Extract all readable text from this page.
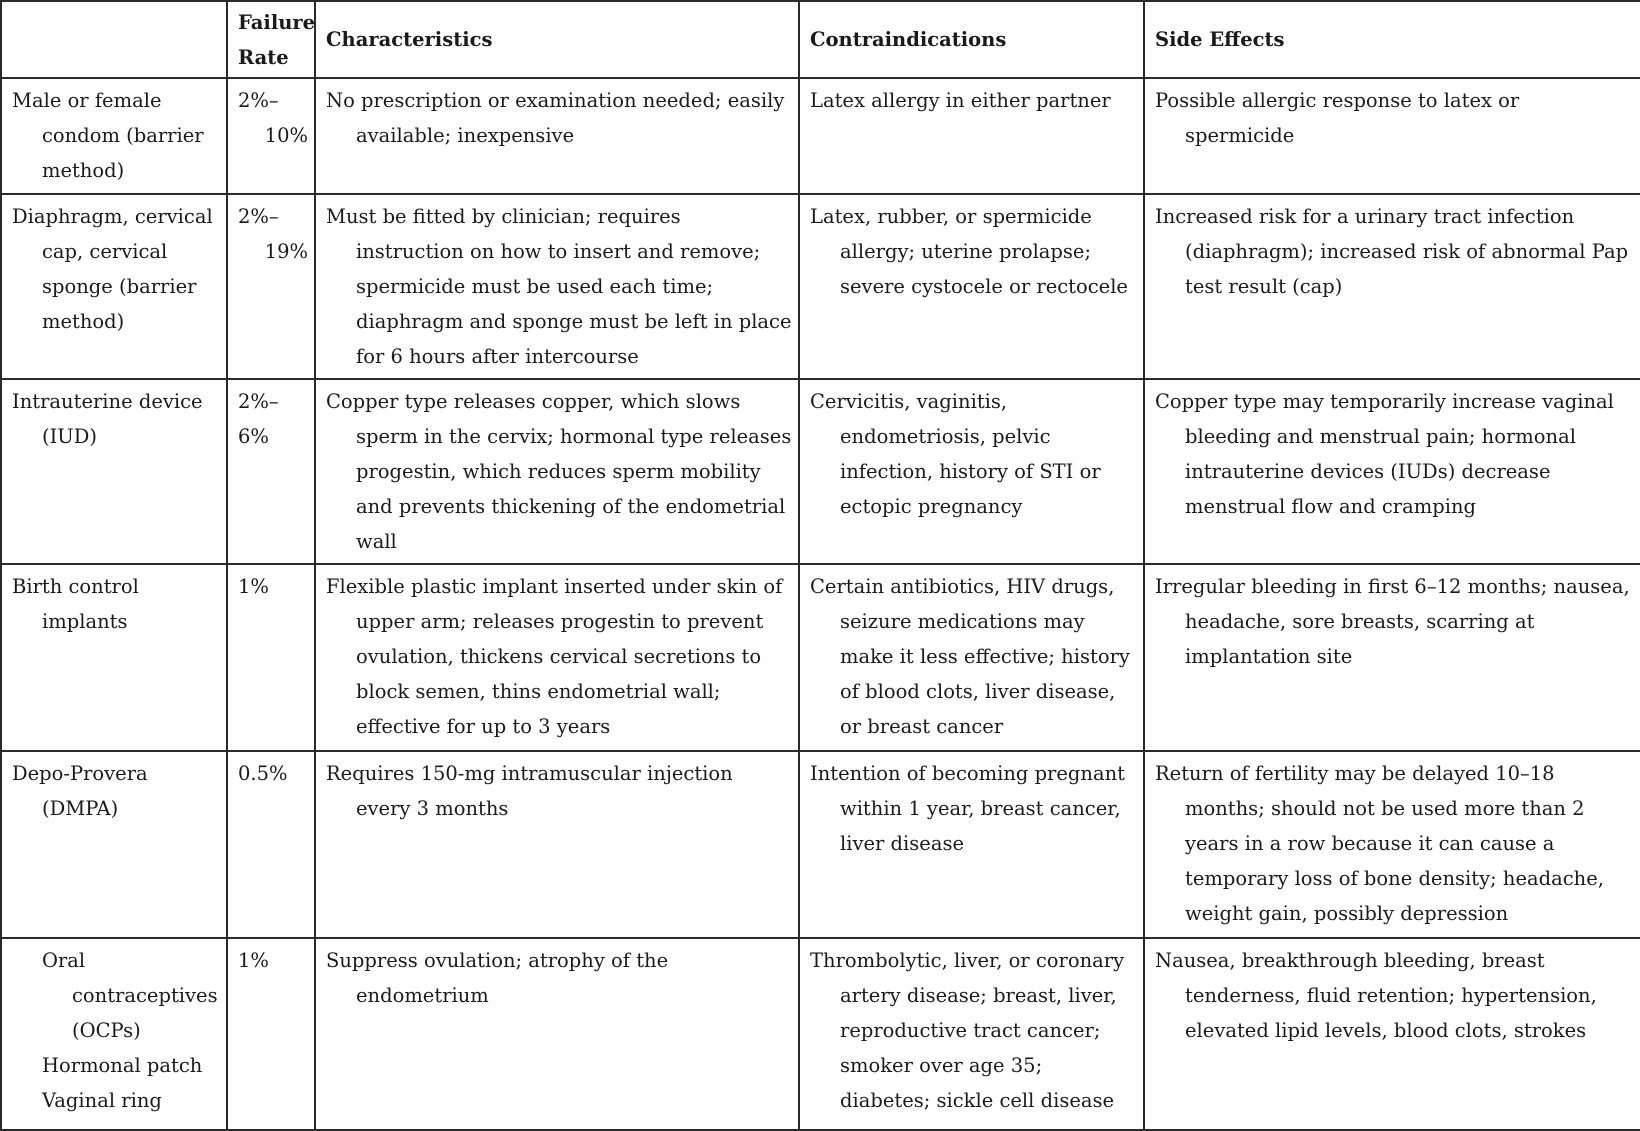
	Failure
Rate	Characteristics	Contraindications	Side Effects

Male or female condom (barrier method)	2%–
10%	No prescription or examination needed; easily available; inexpensive	Latex allergy in either partner	Possible allergic response to latex or spermicide

Diaphragm, cervical cap, cervical sponge (barrier method)	2%–
19%	Must be fitted by clinician; requires instruction on how to insert and remove; spermicide must be used each time; diaphragm and sponge must be left in place for 6 hours after intercourse	Latex, rubber, or spermicide allergy; uterine prolapse; severe cystocele or rectocele	Increased risk for a urinary tract infection (diaphragm); increased risk of abnormal Pap test result (cap)

Intrauterine device (IUD)	2%–6%	Copper type releases copper, which slows sperm in the cervix; hormonal type releases progestin, which reduces sperm mobility and prevents thickening of the endometrial wall	Cervicitis, vaginitis, endometriosis, pelvic infection, history of STI or ectopic pregnancy	Copper type may temporarily increase vaginal bleeding and menstrual pain; hormonal intrauterine devices (IUDs) decrease menstrual flow and cramping

Birth control implants	1%	Flexible plastic implant inserted under skin of upper arm; releases progestin to prevent ovulation, thickens cervical secretions to block semen, thins endometrial wall; effective for up to 3 years	Certain antibiotics, HIV drugs, seizure medications may make it less effective; history of blood clots, liver disease, or breast cancer	Irregular bleeding in first 6–12 months; nausea, headache, sore breasts, scarring at implantation site

Depo-Provera (DMPA)	0.5%	Requires 150-mg intramuscular injection every 3 months	Intention of becoming pregnant within 1 year, breast cancer, liver disease	Return of fertility may be delayed 10–18 months; should not be used more than 2 years in a row because it can cause a temporary loss of bone density; headache, weight gain, possibly depression

Oral contraceptives (OCPs)
Hormonal patch
Vaginal ring	1%	Suppress ovulation; atrophy of the endometrium	Thrombolytic, liver, or coronary artery disease; breast, liver, reproductive tract cancer; smoker over age 35; diabetes; sickle cell disease	Nausea, breakthrough bleeding, breast tenderness, fluid retention; hypertension, elevated lipid levels, blood clots, strokes
